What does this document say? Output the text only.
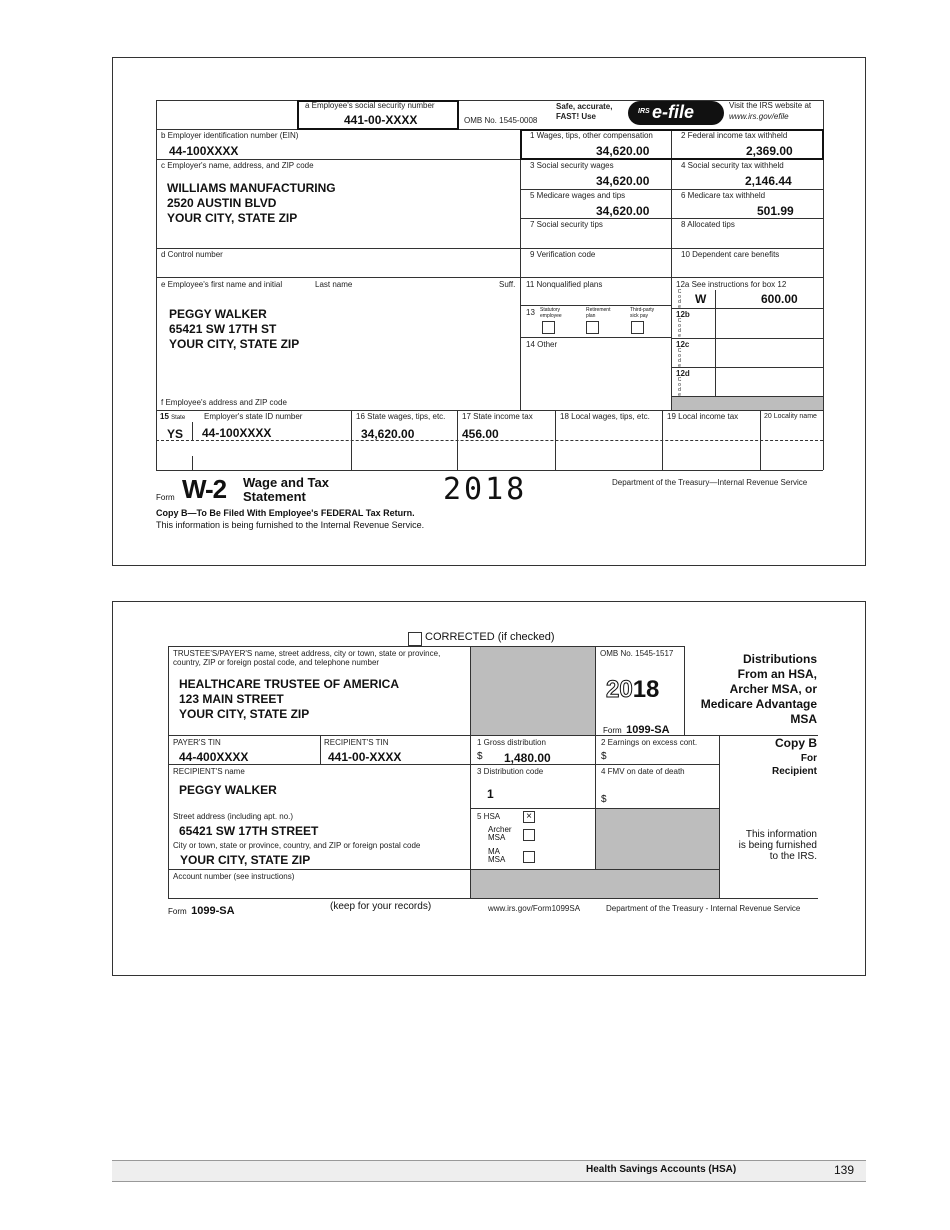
a Employee's social security number
441-00-XXXX	OMB No. 1545-0008
Safe, accurate,
FAST! Use
IRS e-file	Visit the IRS website at
www.irs.gov/efile
b Employer identification number (EIN)
44-100XXXX
1 Wages, tips, other compensation
34,620.00
2 Federal income tax withheld
2,369.00
c Employer's name, address, and ZIP code
WILLIAMS MANUFACTURING
2520 AUSTIN BLVD
YOUR CITY, STATE ZIP
3 Social security wages
34,620.00
4 Social security tax withheld
2,146.44
5 Medicare wages and tips
34,620.00
6 Medicare tax withheld
501.99
7 Social security tips	8 Allocated tips
d Control number	9 Verification code	10 Dependent care benefits
e Employee's first name and initial	Last name	Suff.
PEGGY WALKER
65421 SW 17TH ST
YOUR CITY, STATE ZIP
f Employee's address and ZIP code
11 Nonqualified plans	12a See instructions for box 12
C o d e
W	600.00
12b
C o d e
12c
C o d e
12d
C o d e
13 Statutory employee
Retirement plan
Third-party sick pay
14 Other
15 State Employer's state ID number
YS 44-100XXXX
16 State wages, tips, etc.
34,620.00
17 State income tax
456.00
18 Local wages, tips, etc. 19 Local income tax	20 Locality name
Form W-2 Wage and Tax
Statement	2018	Department of the Treasury—Internal Revenue Service
Copy B—To Be Filed With Employee's FEDERAL Tax Return.
This information is being furnished to the Internal Revenue Service.
CORRECTED (if checked)
TRUSTEE'S/PAYER'S name, street address, city or town, state or province,
country, ZIP or foreign postal code, and telephone number
HEALTHCARE TRUSTEE OF AMERICA
123 MAIN STREET
YOUR CITY, STATE ZIP
OMB No. 1545-1517
2018
Form 1099-SA
Distributions
From an HSA,
Archer MSA, or
Medicare Advantage
MSA
PAYER'S TIN
44-400XXXX
RECIPIENT'S TIN
441-00-XXXX
1 Gross distribution
$ 1,480.00
2 Earnings on excess cont.
$
Copy B
For
Recipient
This information
is being furnished
to the IRS.
RECIPIENT'S name
PEGGY WALKER
Street address (including apt. no.)
65421 SW 17TH STREET
City or town, state or province, country, and ZIP or foreign postal code
YOUR CITY, STATE ZIP
3 Distribution code
1
4 FMV on date of death
$
5 HSA	×
Archer
MSA
MA
MSA
Account number (see instructions)
Form 1099-SA	(keep for your records)	www.irs.gov/Form1099SA	Department of the Treasury - Internal Revenue Service
Health Savings Accounts (HSA)	139
